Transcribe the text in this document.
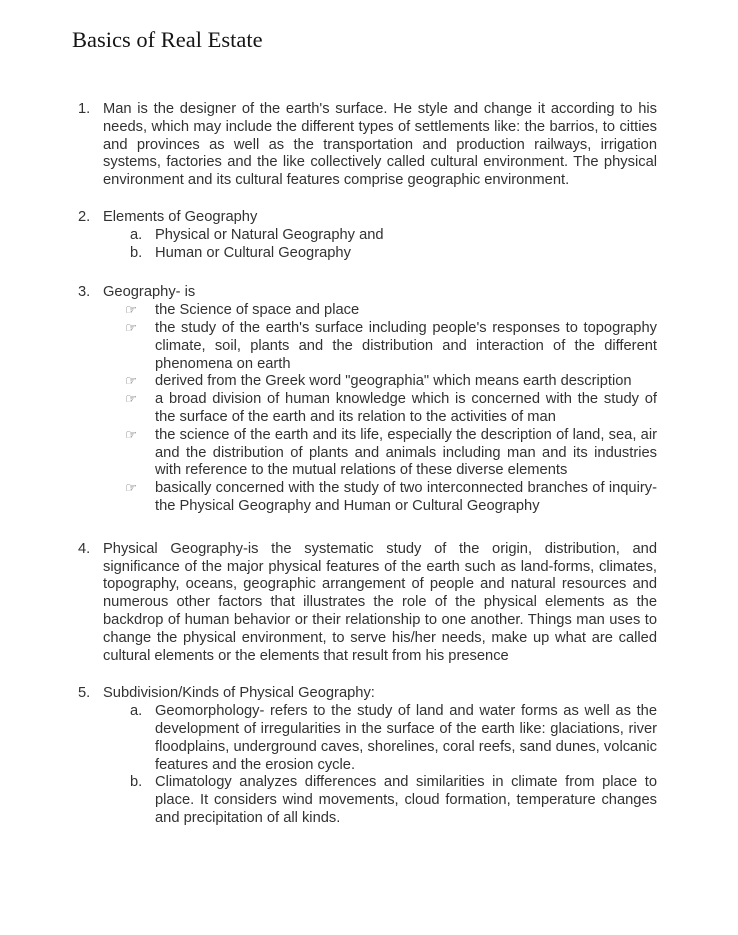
Basics of Real Estate
1. Man is the designer of the earth's surface. He style and change it according to his needs, which may include the different types of settlements like: the barrios, to citties and provinces as well as the transportation and production railways, irrigation systems, factories and the like collectively called cultural environment. The physical environment and its cultural features comprise geographic environment.
2. Elements of Geography
a. Physical or Natural Geography and
b. Human or Cultural Geography
3. Geography- is
☞	the Science of space and place
☞	the study of the earth's surface including people's responses to topography climate, soil, plants and the distribution and interaction of the different phenomena on earth
☞	derived from the Greek word "geographia" which means earth description
☞	a broad division of human knowledge which is concerned with the study of the surface of the earth and its relation to the activities of man
☞	the science of the earth and its life, especially the description of land, sea, air and the distribution of plants and animals including man and its industries with reference to the mutual relations of these diverse elements
☞	basically concerned with the study of two interconnected branches of inquiry- the Physical Geography and Human or Cultural Geography
4. Physical Geography-is the systematic study of the origin, distribution, and significance of the major physical features of the earth such as land-forms, climates, topography, oceans, geographic arrangement of people and natural resources and numerous other factors that illustrates the role of the physical elements as the backdrop of human behavior or their relationship to one another. Things man uses to change the physical environment, to serve his/her needs, make up what are called cultural elements or the elements that result from his presence
5. Subdivision/Kinds of Physical Geography:
a. Geomorphology- refers to the study of land and water forms as well as the development of irregularities in the surface of the earth like: glaciations, river floodplains, underground caves, shorelines, coral reefs, sand dunes, volcanic features and the erosion cycle.
b. Climatology analyzes differences and similarities in climate from place to place. It considers wind movements, cloud formation, temperature changes and precipitation of all kinds.
